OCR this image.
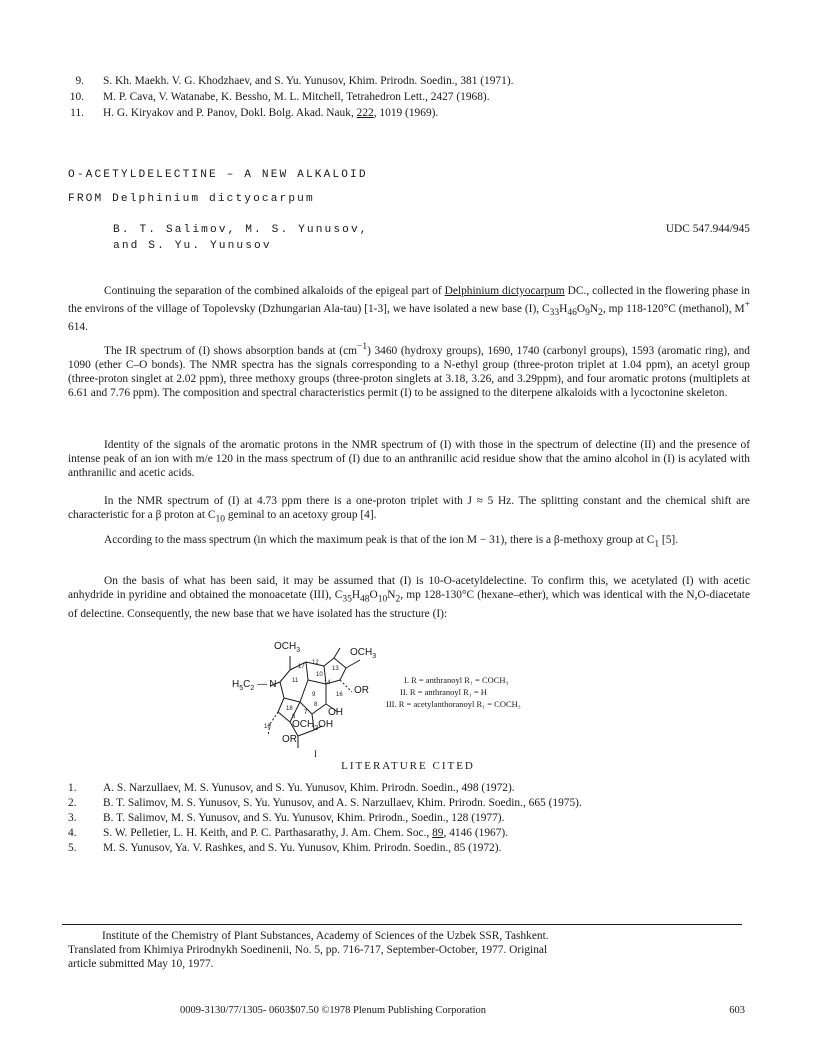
9. S. Kh. Maekh. V. G. Khodzhaev, and S. Yu. Yunusov, Khim. Prirodn. Soedin., 381 (1971).
10. M. P. Cava, V. Watanabe, K. Bessho, M. L. Mitchell, Tetrahedron Lett., 2427 (1968).
11. H. G. Kiryakov and P. Panov, Dokl. Bolg. Akad. Nauk, 222, 1019 (1969).
O-ACETYLDELECTINE – A NEW ALKALOID
FROM Delphinium dictyocarpum
B. T. Salimov, M. S. Yunusov,
and S. Yu. Yunusov
UDC 547.944/945

Continuing the separation of the combined alkaloids of the epigeal part of Delphinium dictyocarpum DC., collected in the flowering phase in the environs of the village of Topolevsky (Dzhungarian Ala-tau) [1-3], we have isolated a new base (I), $C_{33}H_{46}O_9N_2$, mp 118-120°C (methanol), M+ 614.

The IR spectrum of (I) shows absorption bands at $(cm^{-1})$ 3460 (hydroxy groups), 1690, 1740 (carbonyl groups), 1593 (aromatic ring), and 1090 (ether C–O bonds). The NMR spectra has the signals corresponding to a N-ethyl group (three-proton triplet at 1.04 ppm), an acetyl group (three-proton singlet at 2.02 ppm), three methoxy groups (three-proton singlets at 3.18, 3.26, and 3.29ppm), and four aromatic protons (multiplets at 6.61 and 7.76 ppm). The composition and spectral characteristics permit (I) to be assigned to the diterpene alkaloids with a lycoctonine skeleton.

Identity of the signals of the aromatic protons in the NMR spectrum of (I) with those in the spectrum of delectine (II) and the presence of intense peak of an ion with m/e 120 in the mass spectrum of (I) due to an anthranilic acid residue show that the amino alcohol in (I) is acylated with anthranilic and acetic acids.

In the NMR spectrum of (I) at 4.73 ppm there is a one-proton triplet with J ≈ 5 Hz. The splitting constant and the chemical shift are characteristic for a β proton at $C_{10}$ geminal to an acetoxy group [4].

According to the mass spectrum (in which the maximum peak is that of the ion M − 31), there is a β-methoxy group at $C_1$ [5].

On the basis of what has been said, it may be assumed that (I) is 10-O-acetyldelectine. To confirm this, we acetylated (I) with acetic anhydride in pyridine and obtained the monoacetate (III), $C_{35}H_{48}O_{10}N_2$, mp 128-130°C (hexane–ether), which was identical with the N,O-diacetate of delectine. Consequently, the new base that we have isolated has the structure (I):

$OCH_3$	$OCH_3$
$H_5C_2$ — N
OR
OH
$OCH_2OH$
OR
17
12
13
10
14
11
16
9
8
7
6
18
16
I
I. R = anthranoyl R₁ = COCH₃
II. R = anthranoyl R₁ = H
III. R = acetylanthoranoyl R₁ = COCH₃
LITERATURE CITED
1. A. S. Narzullaev, M. S. Yunusov, and S. Yu. Yunusov, Khim. Prirodn. Soedin., 498 (1972).
2. B. T. Salimov, M. S. Yunusov, S. Yu. Yunusov, and A. S. Narzullaev, Khim. Prirodn. Soedin., 665 (1975).
3. B. T. Salimov, M. S. Yunusov, and S. Yu. Yunusov, Khim. Prirodn., Soedin., 128 (1977).
4. S. W. Pelletier, L. H. Keith, and P. C. Parthasarathy, J. Am. Chem. Soc., 89, 4146 (1967).
5. M. S. Yunusov, Ya. V. Rashkes, and S. Yu. Yunusov, Khim. Prirodn. Soedin., 85 (1972).
Institute of the Chemistry of Plant Substances, Academy of Sciences of the Uzbek SSR, Tashkent.
Translated from Khimiya Prirodnykh Soedinenii, No. 5, pp. 716-717, September-October, 1977. Original
article submitted May 10, 1977.
0009-3130/77/1305- 0603$07.50 ©1978 Plenum Publishing Corporation	603
